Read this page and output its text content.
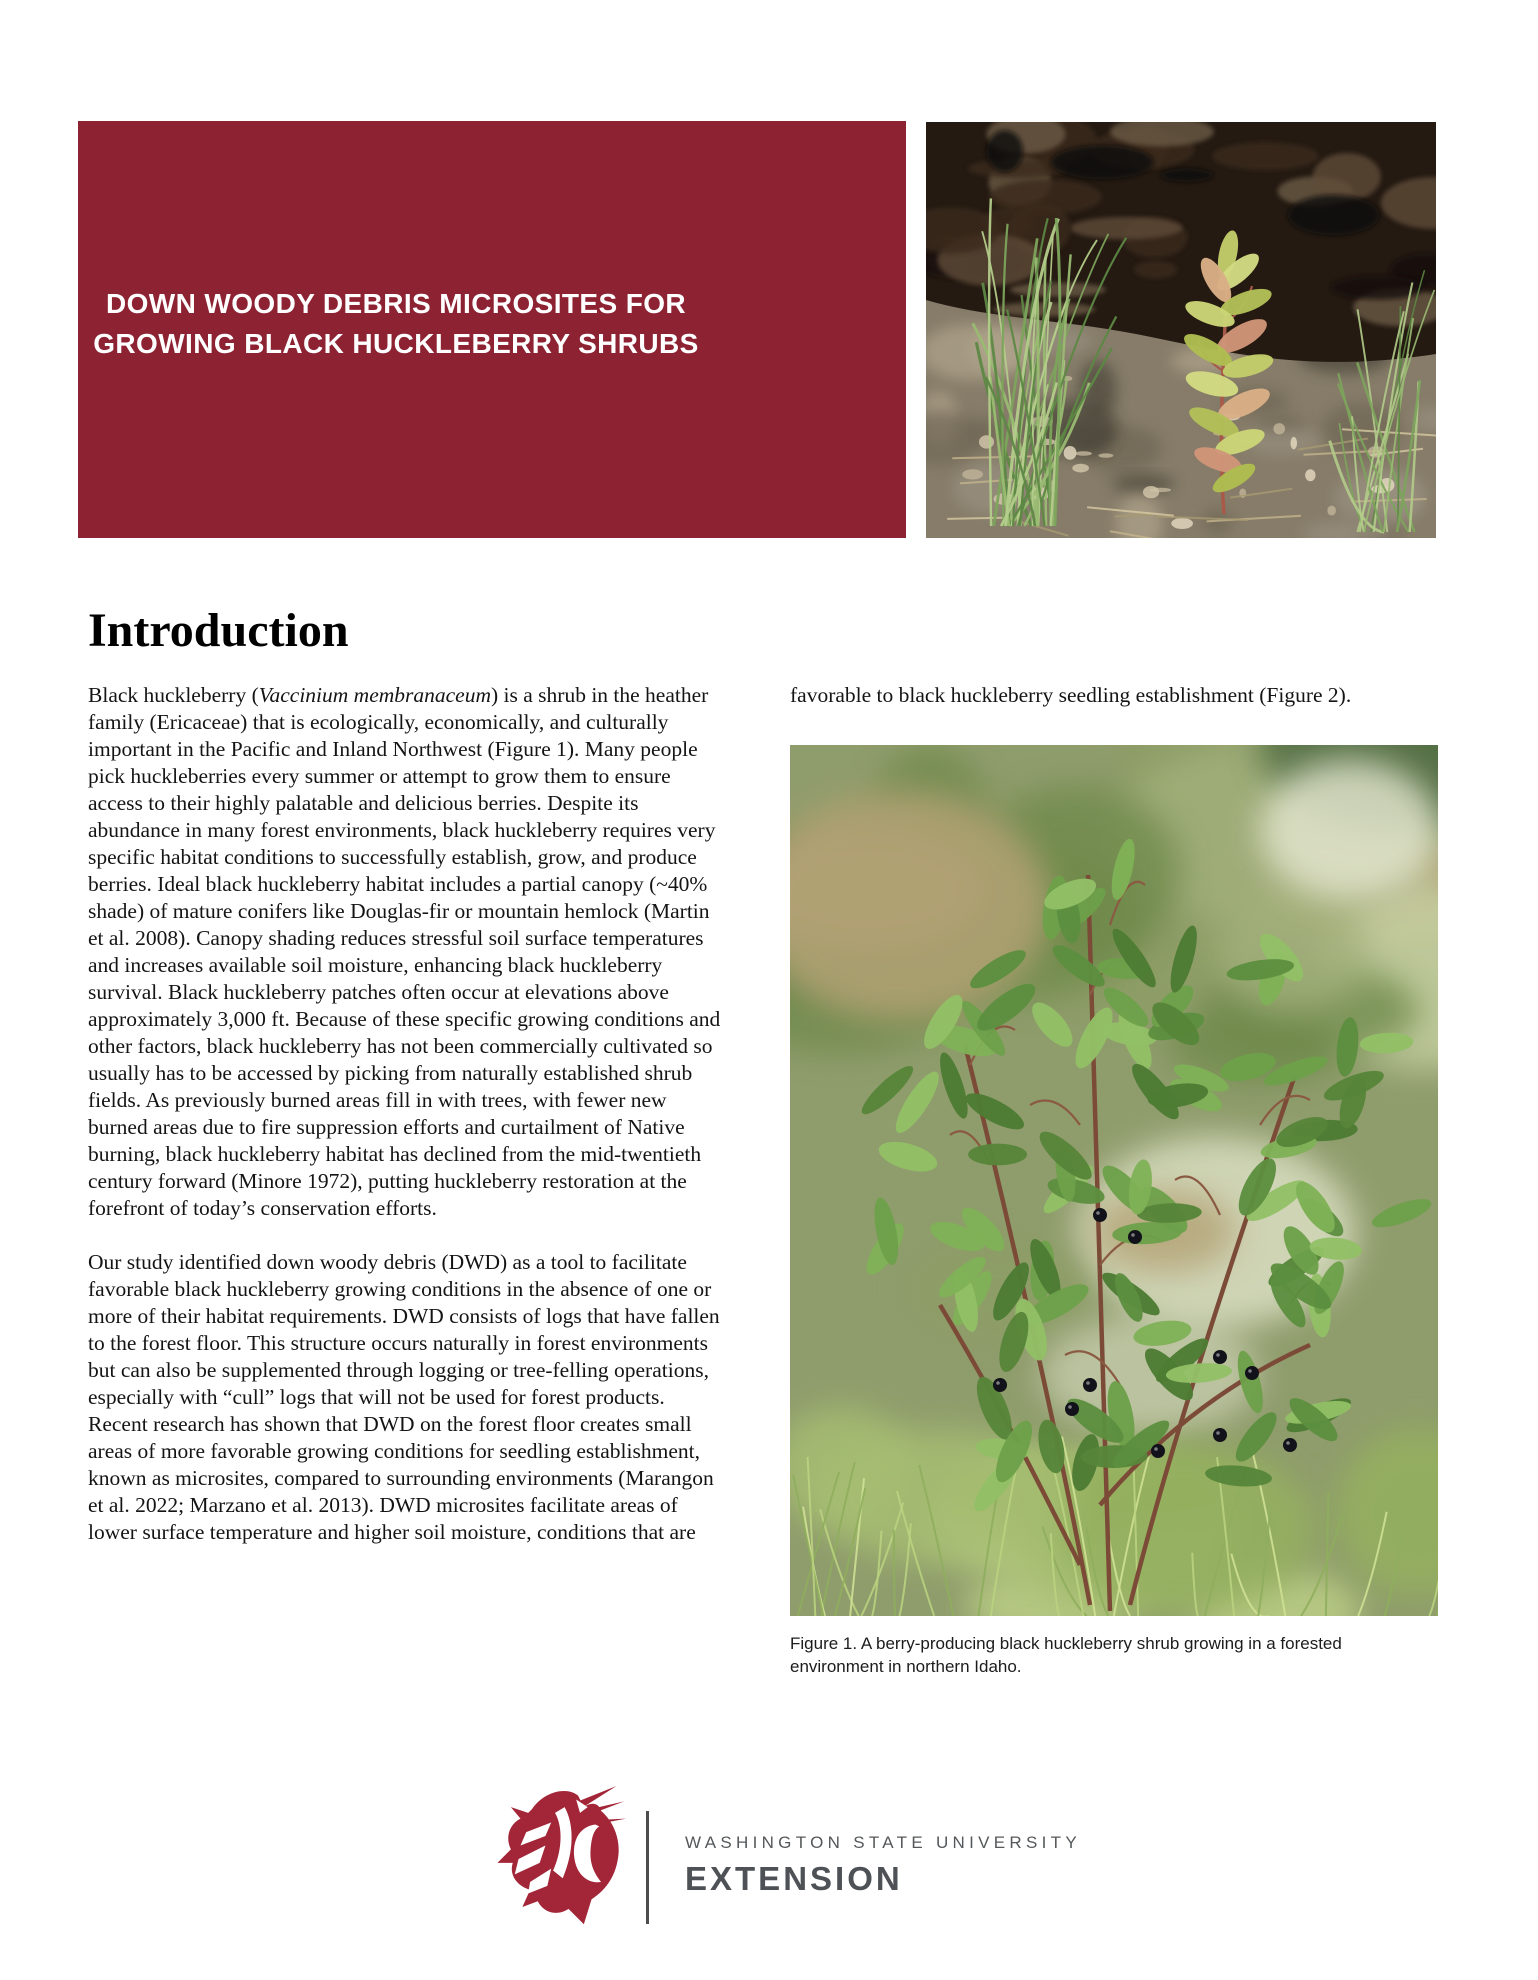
DOWN WOODY DEBRIS MICROSITES FOR
GROWING BLACK HUCKLEBERRY SHRUBS
Introduction

Black huckleberry (Vaccinium membranaceum) is a shrub in the heather family (Ericaceae) that is ecologically, economically, and culturally important in the Pacific and Inland Northwest (Figure 1). Many people pick huckleberries every summer or attempt to grow them to ensure access to their highly palatable and delicious berries. Despite its abundance in many forest environments, black huckleberry requires very specific habitat conditions to successfully establish, grow, and produce berries. Ideal black huckleberry habitat includes a partial canopy (~40% shade) of mature conifers like Douglas-fir or mountain hemlock (Martin et al. 2008). Canopy shading reduces stressful soil surface temperatures and increases available soil moisture, enhancing black huckleberry survival. Black huckleberry patches often occur at elevations above approximately 3,000 ft. Because of these specific growing conditions and other factors, black huckleberry has not been commercially cultivated so usually has to be accessed by picking from naturally established shrub fields. As previously burned areas fill in with trees, with fewer new burned areas due to fire suppression efforts and curtailment of Native burning, black huckleberry habitat has declined from the mid-twentieth century forward (Minore 1972), putting huckleberry restoration at the forefront of today’s conservation efforts.

Our study identified down woody debris (DWD) as a tool to facilitate favorable black huckleberry growing conditions in the absence of one or more of their habitat requirements. DWD consists of logs that have fallen to the forest floor. This structure occurs naturally in forest environments but can also be supplemented through logging or tree-felling operations, especially with “cull” logs that will not be used for forest products. Recent research has shown that DWD on the forest floor creates small areas of more favorable growing conditions for seedling establishment, known as microsites, compared to surrounding environments (Marangon et al. 2022; Marzano et al. 2013). DWD microsites facilitate areas of lower surface temperature and higher soil moisture, conditions that are

favorable to black huckleberry seedling establishment (Figure 2).

Figure 1. A berry-producing black huckleberry shrub growing in a forested environment in northern Idaho.
WASHINGTON STATE UNIVERSITY
EXTENSION
